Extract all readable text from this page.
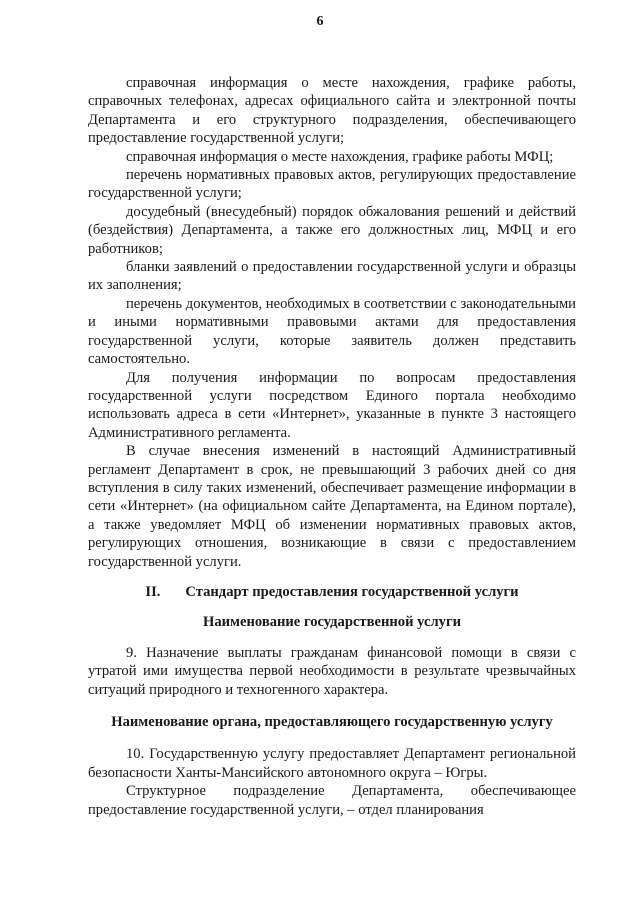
6

справочная информация о месте нахождения, графике работы, справочных телефонах, адресах официального сайта и электронной почты Департамента и его структурного подразделения, обеспечивающего предоставление государственной услуги;

справочная информация о месте нахождения, графике работы МФЦ;

перечень нормативных правовых актов, регулирующих предоставление государственной услуги;

досудебный (внесудебный) порядок обжалования решений и действий (бездействия) Департамента, а также его должностных лиц, МФЦ и его работников;

бланки заявлений о предоставлении государственной услуги и образцы их заполнения;

перечень документов, необходимых в соответствии с законодательными и иными нормативными правовыми актами для предоставления государственной услуги, которые заявитель должен представить самостоятельно.

Для получения информации по вопросам предоставления государственной услуги посредством Единого портала необходимо использовать адреса в сети «Интернет», указанные в пункте 3 настоящего Административного регламента.

В случае внесения изменений в настоящий Административный регламент Департамент в срок, не превышающий 3 рабочих дней со дня вступления в силу таких изменений, обеспечивает размещение информации в сети «Интернет» (на официальном сайте Департамента, на Едином портале), а также уведомляет МФЦ об изменении нормативных правовых актов, регулирующих отношения, возникающие в связи с предоставлением государственной услуги.

II. Стандарт предоставления государственной услуги

Наименование государственной услуги

9. Назначение выплаты гражданам финансовой помощи в связи с утратой ими имущества первой необходимости в результате чрезвычайных ситуаций природного и техногенного характера.

Наименование органа, предоставляющего государственную услугу

10. Государственную услугу предоставляет Департамент региональной безопасности Ханты-Мансийского автономного округа – Югры.

Структурное подразделение Департамента, обеспечивающее предоставление государственной услуги, – отдел планирования
